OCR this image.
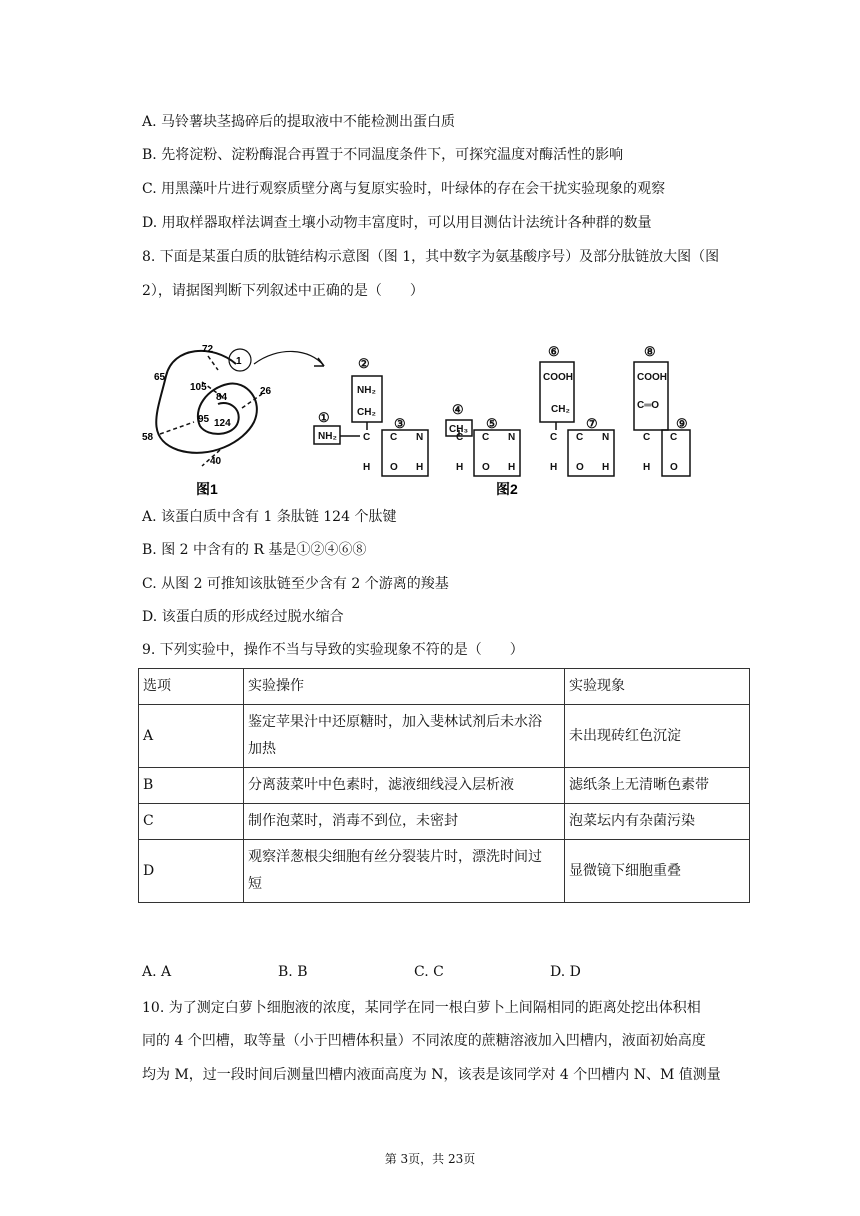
A. 马铃薯块茎捣碎后的提取液中不能检测出蛋白质
B. 先将淀粉、淀粉酶混合再置于不同温度条件下，可探究温度对酶活性的影响
C. 用黑藻叶片进行观察质壁分离与复原实验时，叶绿体的存在会干扰实验现象的观察
D. 用取样器取样法调查土壤小动物丰富度时，可以用目测估计法统计各种群的数量
8. 下面是某蛋白质的肽链结构示意图（图 1，其中数字为氨基酸序号）及部分肽链放大图（图
2），请据图判断下列叙述中正确的是（　　）
72
65
1
26
105
84
95 124
58
40
图1
NH₂
NH₂
CH₂
CH₃
COOH
CH₂
COOH
C═O
C C N	C C N	C C N	C C
H O H	H O H	H O H	H O
①
②
③
④
⑤
⑥
⑦
⑧
⑨
图2
A. 该蛋白质中含有 1 条肽链 124 个肽键
B. 图 2 中含有的 R 基是①②④⑥⑧
C. 从图 2 可推知该肽链至少含有 2 个游离的羧基
D. 该蛋白质的形成经过脱水缩合
9. 下列实验中，操作不当与导致的实验现象不符的是（　　）
选项	实验操作	实验现象
A	鉴定苹果汁中还原糖时，加入斐林试剂后未水浴
加热	未出现砖红色沉淀
B	分离菠菜叶中色素时，滤液细线浸入层析液	滤纸条上无清晰色素带
C	制作泡菜时，消毒不到位，未密封	泡菜坛内有杂菌污染
D	观察洋葱根尖细胞有丝分裂装片时，漂洗时间过
短	显微镜下细胞重叠
A. A	B. B	C. C	D. D
10. 为了测定白萝卜细胞液的浓度，某同学在同一根白萝卜上间隔相同的距离处挖出体积相
同的 4 个凹槽，取等量（小于凹槽体积量）不同浓度的蔗糖溶液加入凹槽内，液面初始高度
均为 M，过一段时间后测量凹槽内液面高度为 N，该表是该同学对 4 个凹槽内 N、M 值测量
第 3页，共 23页
